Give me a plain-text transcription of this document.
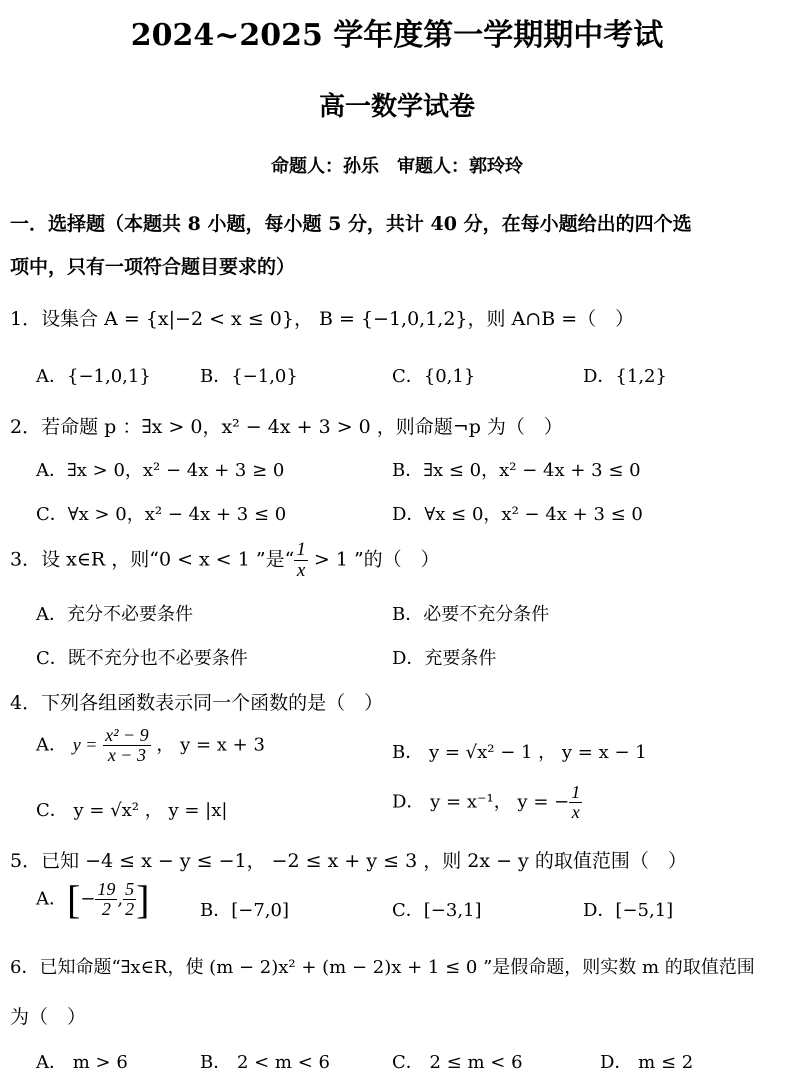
2024~2025 学年度第一学期期中考试
高一数学试卷
命题人：孙乐　审题人：郭玲玲
一．选择题（本题共 8 小题，每小题 5 分，共计 40 分，在每小题给出的四个选
项中，只有一项符合题目要求的）
1．设集合 A = {x|−2 < x ≤ 0}， B = {−1,0,1,2}，则 A∩B =（　）
A．{−1,0,1}	B．{−1,0}	C．{0,1}	D．{1,2}
2．若命题 p ：∃x > 0，x² − 4x + 3 > 0 ，则命题¬p 为（　）
A．∃x > 0，x² − 4x + 3 ≥ 0	B．∃x ≤ 0，x² − 4x + 3 ≤ 0
C．∀x > 0，x² − 4x + 3 ≤ 0	D．∀x ≤ 0，x² − 4x + 3 ≤ 0
3．设 x∈R ，则“0 < x < 1 ”是“ $\frac{1}{x} > 1$ ”的（　）
A．充分不必要条件	B．必要不充分条件
C．既不充分也不必要条件	D．充要条件
4．下列各组函数表示同一个函数的是（　）
A． $y = \frac{\text{x² − 9}}{x - 3}$ ， y = x + 3	B． y = √x² − 1 ， y = x − 1
C． y = √x² ， y = |x|	D． y = x⁻¹， y = − $\frac{1}{x}$
5．已知 −4 ≤ x − y ≤ −1， −2 ≤ x + y ≤ 3 ，则 2x − y 的取值范围（　）
A．[− $\frac{19}{2}$ , $\frac{5}{2}$ ]	B．[−7,0]	C．[−3,1]	D．[−5,1]
6．已知命题“∃x∈R，使 (m − 2)x² + (m − 2)x + 1 ≤ 0 ”是假命题，则实数 m 的取值范围
为（　）
A． m > 6	B． 2 < m < 6	C． 2 ≤ m < 6	D． m ≤ 2
